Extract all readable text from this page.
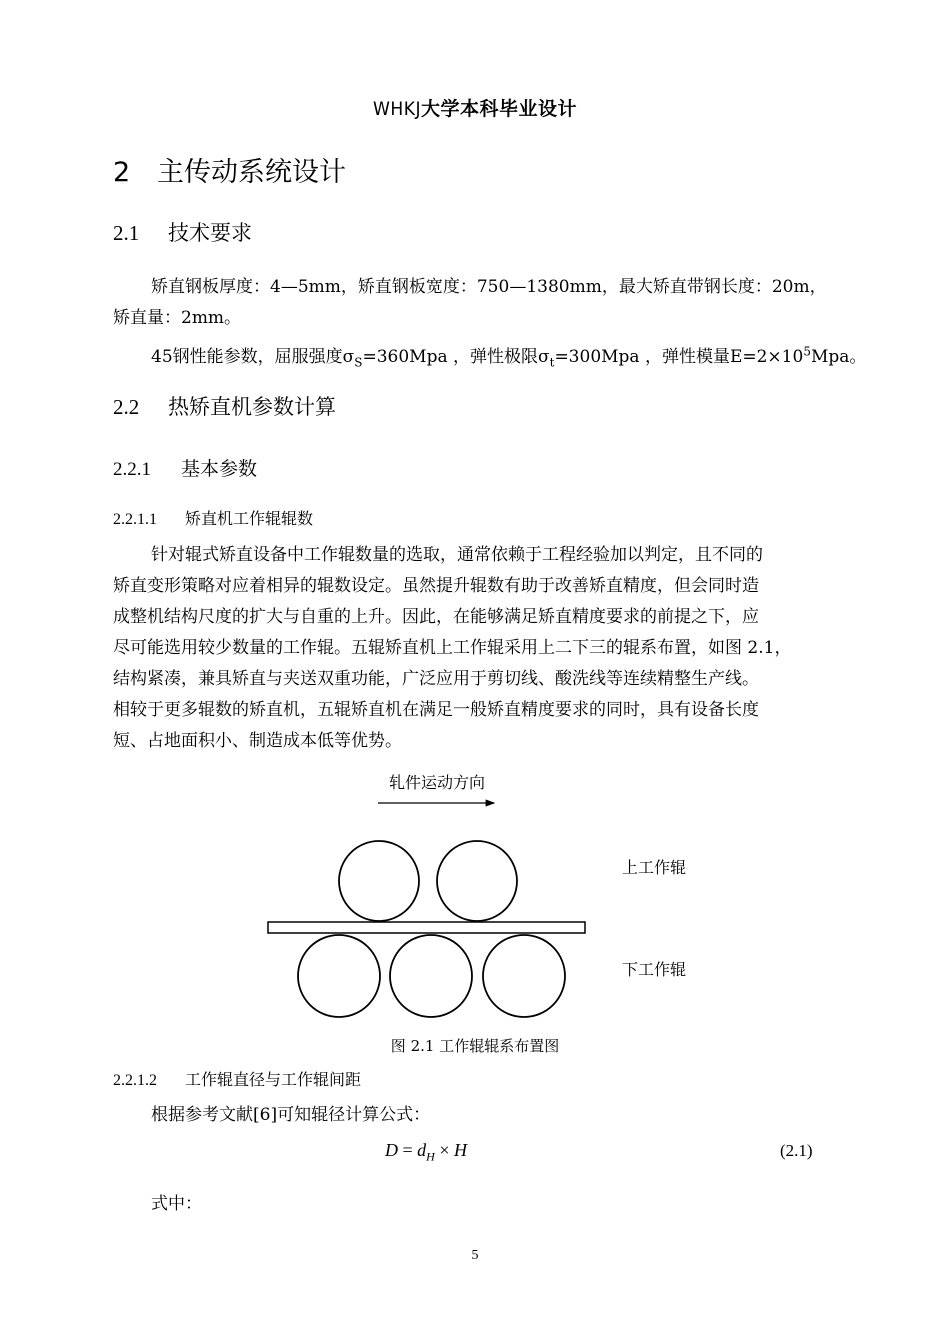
WHKJ大学本科毕业设计
2 主传动系统设计
2.1 技术要求
矫直钢板厚度：4—5mm，矫直钢板宽度：750—1380mm，最大矫直带钢长度：20m，
矫直量：2mm。
45钢性能参数，屈服强度$\sigma_S=360Mpa$ ，弹性极限$\sigma_t=300Mpa$ ，弹性模量$E=2\times 10^5Mpa$。
2.2 热矫直机参数计算
2.2.1 基本参数
2.2.1.1 矫直机工作辊辊数
针对辊式矫直设备中工作辊数量的选取，通常依赖于工程经验加以判定，且不同的
矫直变形策略对应着相异的辊数设定。虽然提升辊数有助于改善矫直精度，但会同时造
成整机结构尺度的扩大与自重的上升。因此，在能够满足矫直精度要求的前提之下，应
尽可能选用较少数量的工作辊。五辊矫直机上工作辊采用上二下三的辊系布置，如图 2.1，
结构紧凑，兼具矫直与夹送双重功能，广泛应用于剪切线、酸洗线等连续精整生产线。
相较于更多辊数的矫直机，五辊矫直机在满足一般矫直精度要求的同时，具有设备长度
短、占地面积小、制造成本低等优势。
轧件运动方向
上工作辊
下工作辊
图 2.1 工作辊辊系布置图
2.2.1.2 工作辊直径与工作辊间距
根据参考文献[6]可知辊径计算公式：
$D = d_H \times H$	(2.1)
式中：
5
